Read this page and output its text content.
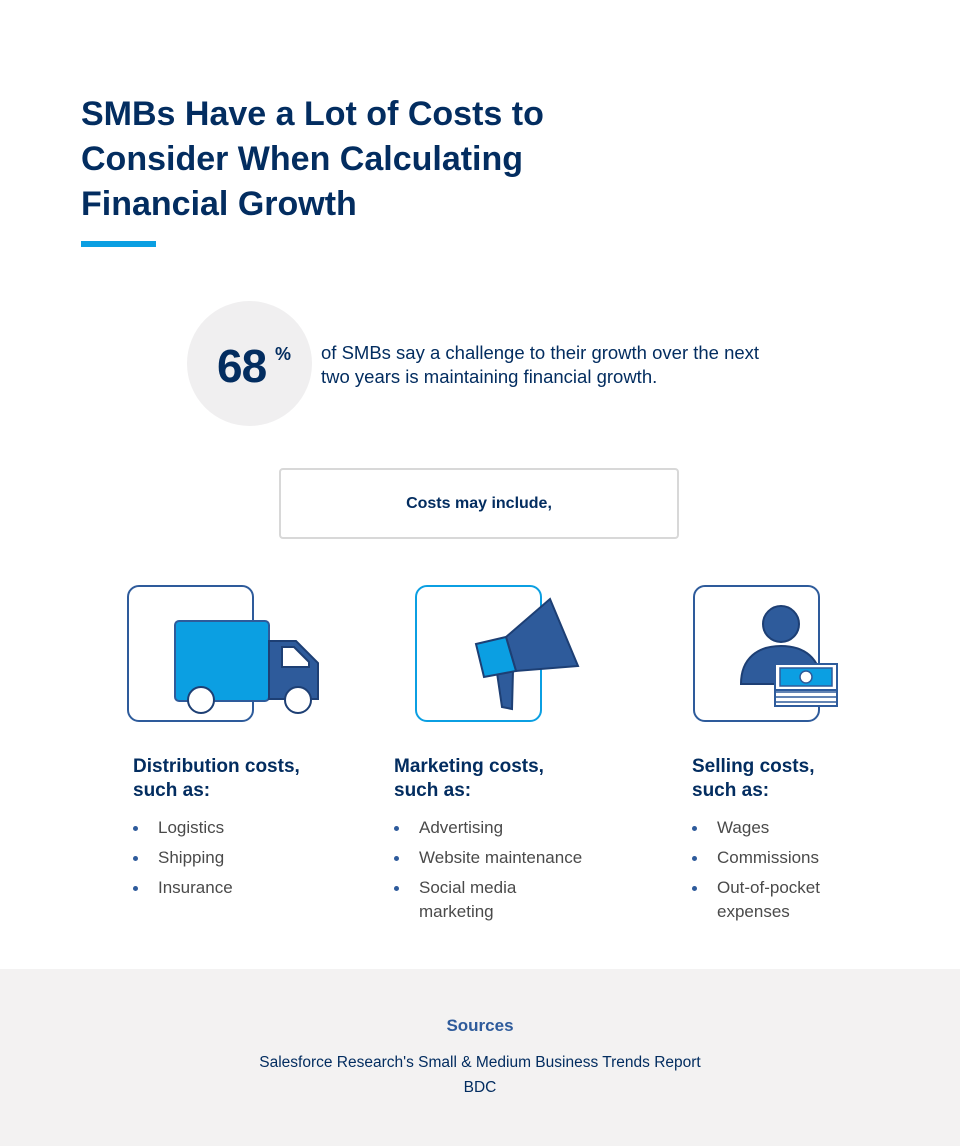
SMBs Have a Lot of Costs to Consider When Calculating Financial Growth
68 % of SMBs say a challenge to their growth over the next two years is maintaining financial growth.

Costs may include,
Distribution costs,
such as:
Logistics
Shipping
Insurance
Marketing costs,
such as:
Advertising
Website maintenance
Social media marketing
Selling costs,
such as:
Wages
Commissions
Out-of-pocket expenses
Sources
Salesforce Research's Small & Medium Business Trends Report
BDC
